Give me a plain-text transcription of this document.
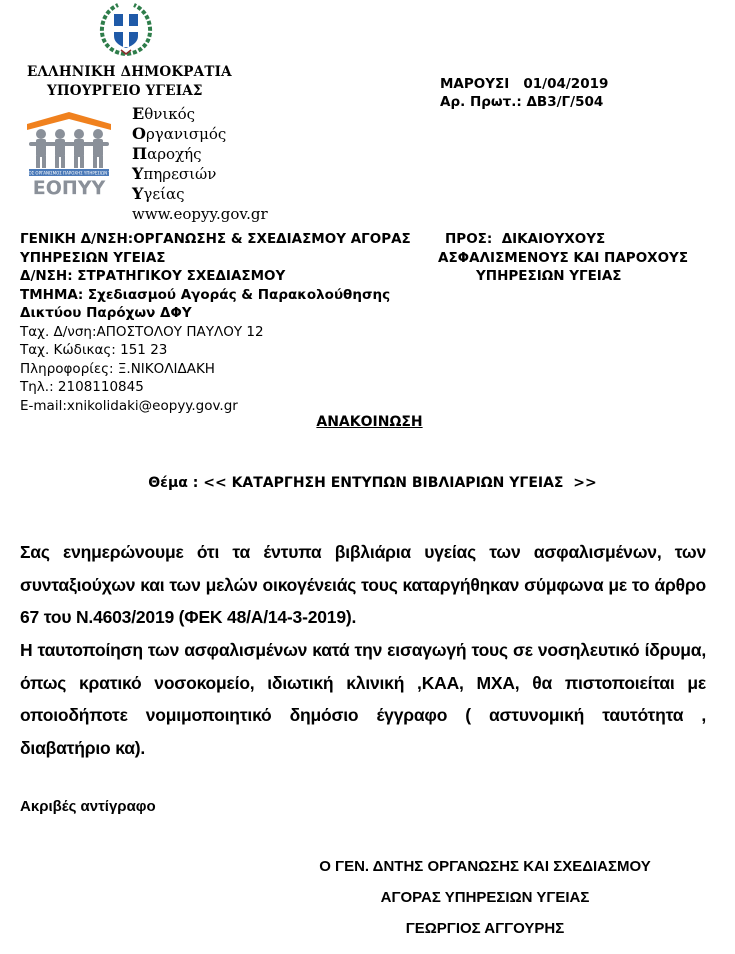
ΕΛΛΗΝΙΚΗ ΔΗΜΟΚΡΑΤΙΑ
ΥΠΟΥΡΓΕΙΟ ΥΓΕΙΑΣ
ΕΘΝΙΚΟΣ ΟΡΓΑΝΙΣΜΟΣ ΠΑΡΟΧΗΣ ΥΠΗΡΕΣΙΩΝ ΥΓΕΙΑΣ
ΕΟΠΥΥ
Εθνικός
Οργανισμός
Παροχής
Υπηρεσιών
Υγείας
www.eopyy.gov.gr
ΜΑΡΟΥΣΙ   01/04/2019
Αρ. Πρωτ.: ΔΒ3/Γ/504
ΓΕΝΙΚΗ Δ/ΝΣΗ:ΟΡΓΑΝΩΣΗΣ & ΣΧΕΔΙΑΣΜΟΥ ΑΓΟΡΑΣ
ΥΠΗΡΕΣΙΩΝ ΥΓΕΙΑΣ
Δ/ΝΣΗ: ΣΤΡΑΤΗΓΙΚΟΥ ΣΧΕΔΙΑΣΜΟΥ
ΤΜΗΜΑ: Σχεδιασμού Αγοράς & Παρακολούθησης
Δικτύου Παρόχων ΔΦΥ
Ταχ. Δ/νση:ΑΠΟΣΤΟΛΟΥ ΠΑΥΛΟΥ 12
Ταχ. Κώδικας: 151 23
Πληροφορίες: Ξ.ΝΙΚΟΛΙΔΑΚΗ
Τηλ.: 2108110845
E-mail:xnikolidaki@eopyy.gov.gr
ΠΡΟΣ:  ΔΙΚΑΙΟΥΧΟΥΣ
ΑΣΦΑΛΙΣΜΕΝΟΥΣ ΚΑΙ ΠΑΡΟΧΟΥΣ
ΥΠΗΡΕΣΙΩΝ ΥΓΕΙΑΣ
ΑΝΑΚΟΙΝΩΣΗ
Θέμα : << ΚΑΤΑΡΓΗΣΗ ΕΝΤΥΠΩΝ ΒΙΒΛΙΑΡΙΩΝ ΥΓΕΙΑΣ  >>
Σας ενημερώνουμε ότι τα έντυπα βιβλιάρια υγείας των ασφαλισμένων, των συνταξιούχων και των μελών οικογένειάς τους καταργήθηκαν σύμφωνα με το άρθρο 67 του Ν.4603/2019 (ΦΕΚ 48/Α/14-3-2019).
Η ταυτοποίηση των ασφαλισμένων κατά την εισαγωγή τους σε νοσηλευτικό ίδρυμα, όπως κρατικό νοσοκομείο, ιδιωτική κλινική ,ΚΑΑ, ΜΧΑ, θα πιστοποιείται με οποιοδήποτε νομιμοποιητικό δημόσιο έγγραφο ( αστυνομική ταυτότητα , διαβατήριο κα).
Ακριβές αντίγραφο
Ο ΓΕΝ. ΔΝΤΗΣ ΟΡΓΑΝΩΣΗΣ ΚΑΙ ΣΧΕΔΙΑΣΜΟΥ
ΑΓΟΡΑΣ ΥΠΗΡΕΣΙΩΝ ΥΓΕΙΑΣ
ΓΕΩΡΓΙΟΣ ΑΓΓΟΥΡΗΣ
